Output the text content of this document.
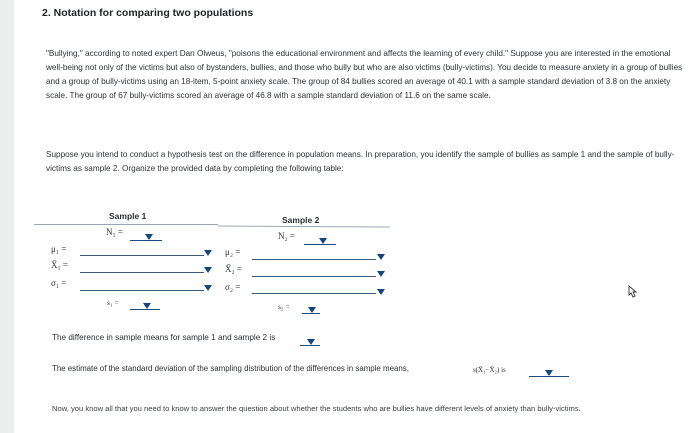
2. Notation for comparing two populations
"Bullying," according to noted expert Dan Olweus, "poisons the educational environment and affects the learning of every child." Suppose you are interested in the emotional well-being not only of the victims but also of bystanders, bullies, and those who bully but who are also victims (bully-victims). You decide to measure anxiety in a group of bullies and a group of bully-victims using an 18-item, 5-point anxiety scale. The group of 84 bullies scored an average of 40.1 with a sample standard deviation of 3.8 on the anxiety scale. The group of 67 bully-victims scored an average of 46.8 with a sample standard deviation of 11.6 on the same scale.
Suppose you intend to conduct a hypothesis test on the difference in population means. In preparation, you identify the sample of bullies as sample 1 and the sample of bully-victims as sample 2. Organize the provided data by completing the following table:
Sample 1	Sample 2
N₁ =	N₂ =
μ₁ =	μ₂ =
X̄₁ =	X̄₂ =
σ₁ =	σ₂ =
s₁ =	s₂ =
The difference in sample means for sample 1 and sample 2 is
The estimate of the standard deviation of the sampling distribution of the differences in sample means,	s(X̄₁−X̄₂) is
Now, you know all that you need to know to answer the question about whether the students who are bullies have different levels of anxiety than bully-victims.
